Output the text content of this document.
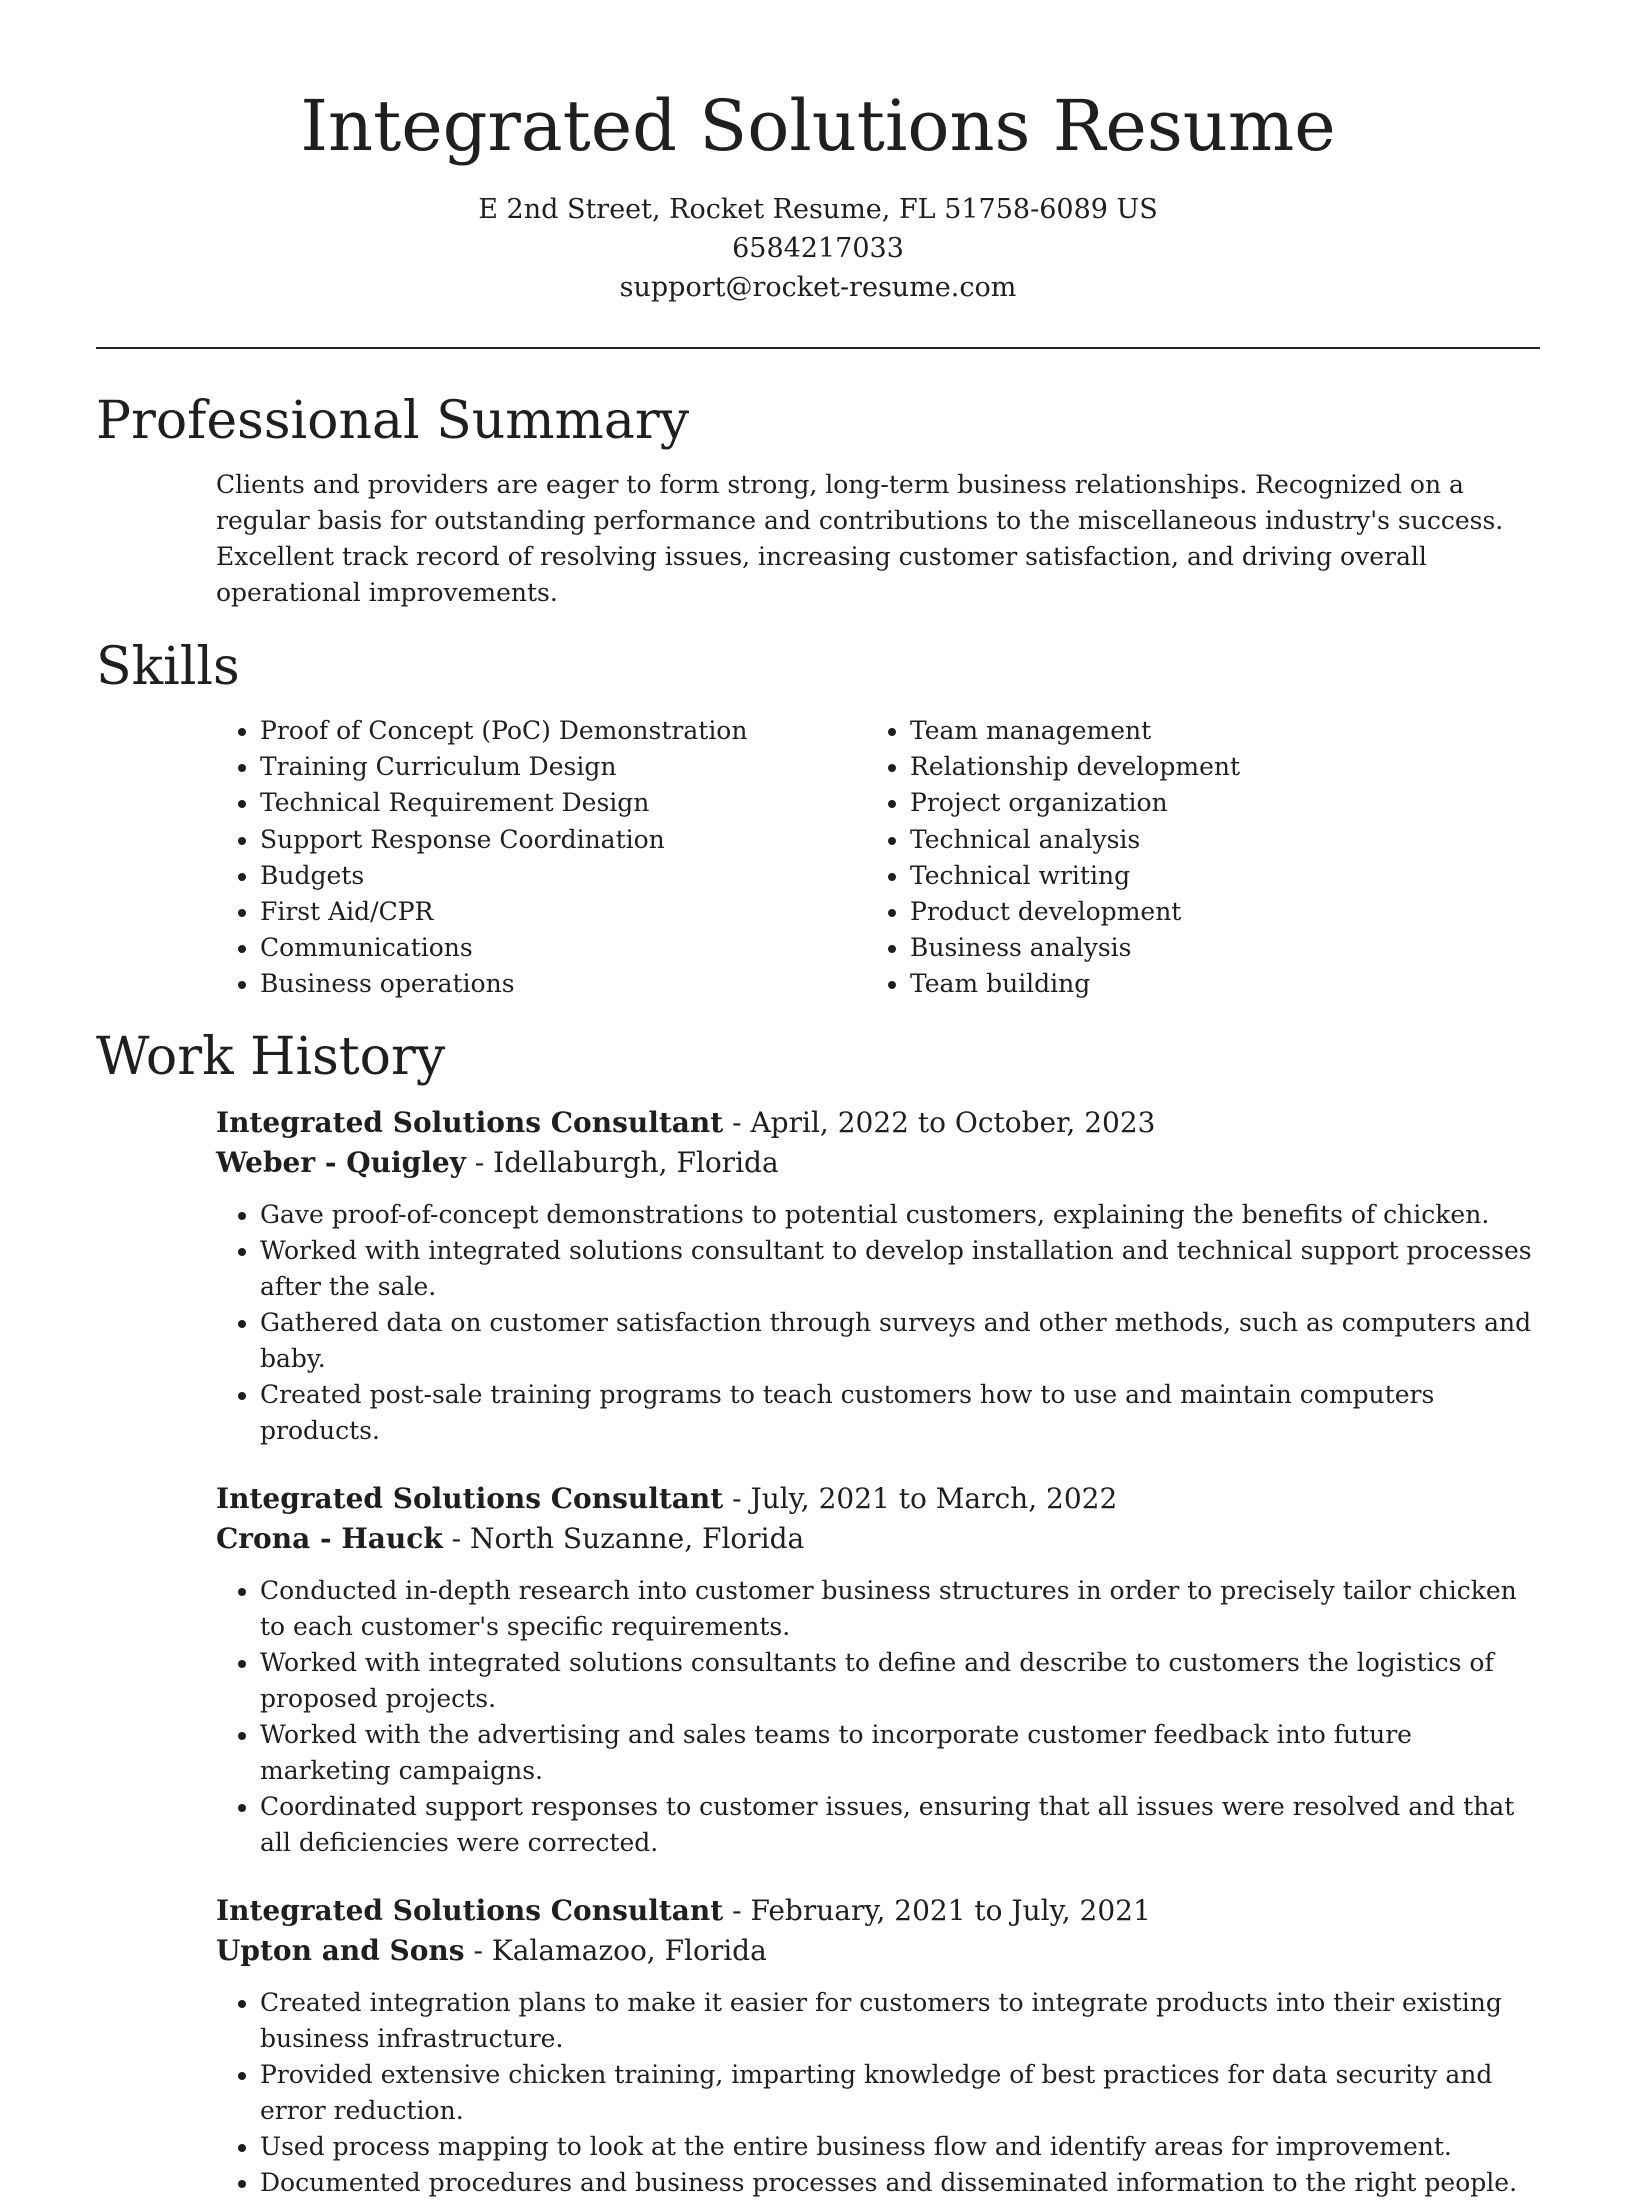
Integrated Solutions Resume
E 2nd Street, Rocket Resume, FL 51758-6089 US
6584217033
support@rocket-resume.com
Professional Summary

Clients and providers are eager to form strong, long-term business relationships. Recognized on a regular basis for outstanding performance and contributions to the miscellaneous industry's success. Excellent track record of resolving issues, increasing customer satisfaction, and driving overall operational improvements.

Skills
• Proof of Concept (PoC) Demonstration
• Training Curriculum Design
• Technical Requirement Design
• Support Response Coordination
• Budgets
• First Aid/CPR
• Communications
• Business operations
• Team management
• Relationship development
• Project organization
• Technical analysis
• Technical writing
• Product development
• Business analysis
• Team building
Work History

Integrated Solutions Consultant - April, 2022 to October, 2023

Weber - Quigley - Idellaburgh, Florida

• Gave proof-of-concept demonstrations to potential customers, explaining the benefits of chicken.
• Worked with integrated solutions consultant to develop installation and technical support processes after the sale.
• Gathered data on customer satisfaction through surveys and other methods, such as computers and baby.
• Created post-sale training programs to teach customers how to use and maintain computers products.

Integrated Solutions Consultant - July, 2021 to March, 2022

Crona - Hauck - North Suzanne, Florida

• Conducted in-depth research into customer business structures in order to precisely tailor chicken to each customer's specific requirements.
• Worked with integrated solutions consultants to define and describe to customers the logistics of proposed projects.
• Worked with the advertising and sales teams to incorporate customer feedback into future marketing campaigns.
• Coordinated support responses to customer issues, ensuring that all issues were resolved and that all deficiencies were corrected.

Integrated Solutions Consultant - February, 2021 to July, 2021

Upton and Sons - Kalamazoo, Florida

• Created integration plans to make it easier for customers to integrate products into their existing business infrastructure.
• Provided extensive chicken training, imparting knowledge of best practices for data security and error reduction.
• Used process mapping to look at the entire business flow and identify areas for improvement.
• Documented procedures and business processes and disseminated information to the right people.
